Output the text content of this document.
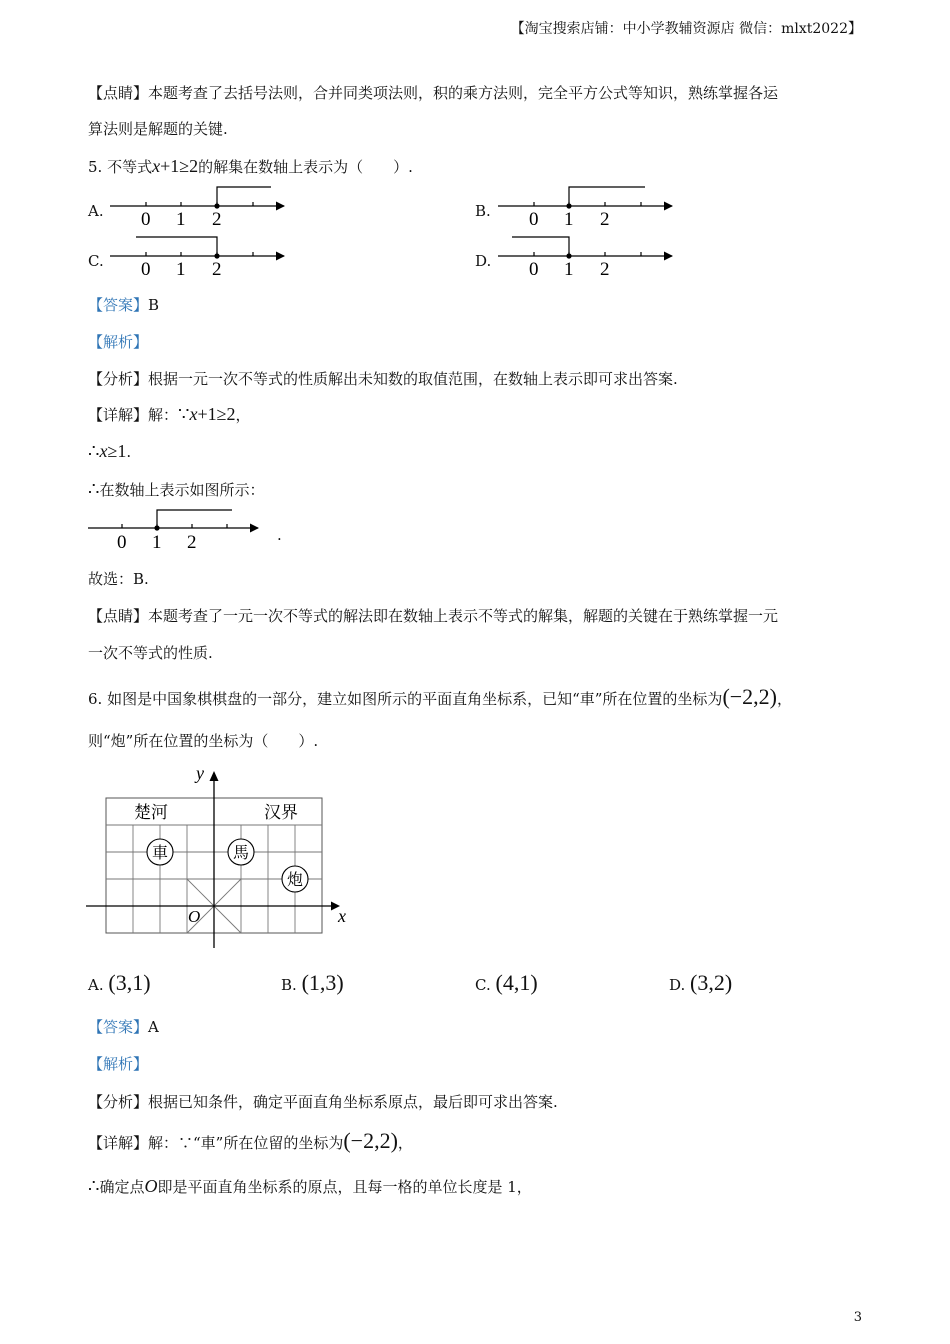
【淘宝搜索店铺：中小学教辅资源店 微信：mlxt2022】
【点睛】本题考查了去括号法则，合并同类项法则，积的乘方法则，完全平方公式等知识，熟练掌握各运
算法则是解题的关键.
5. 不等式x+1≥2的解集在数轴上表示为（　　）.
A. 0 1 2	B. 0 1 2
C. 0 1 2	D. 0 1 2
【答案】B
【解析】
【分析】根据一元一次不等式的性质解出未知数的取值范围，在数轴上表示即可求出答案.
【详解】解：∵x+1≥2，
∴x≥1.
∴在数轴上表示如图所示：
0 1 2	.
故选：B.
【点睛】本题考查了一元一次不等式的解法即在数轴上表示不等式的解集，解题的关键在于熟练掌握一元
一次不等式的性质.
6. 如图是中国象棋棋盘的一部分，建立如图所示的平面直角坐标系，已知“車”所在位置的坐标为(−2,2)，
则“炮”所在位置的坐标为（　　）.
y
x
O
楚河	汉界
車	馬
炮
A. (3,1)	B. (1,3)	C. (4,1)	D. (3,2)
【答案】A
【解析】
【分析】根据已知条件，确定平面直角坐标系原点，最后即可求出答案.
【详解】解：∵“車”所在位留的坐标为(−2,2)，
∴确定点O即是平面直角坐标系的原点，且每一格的单位长度是 1，
3
